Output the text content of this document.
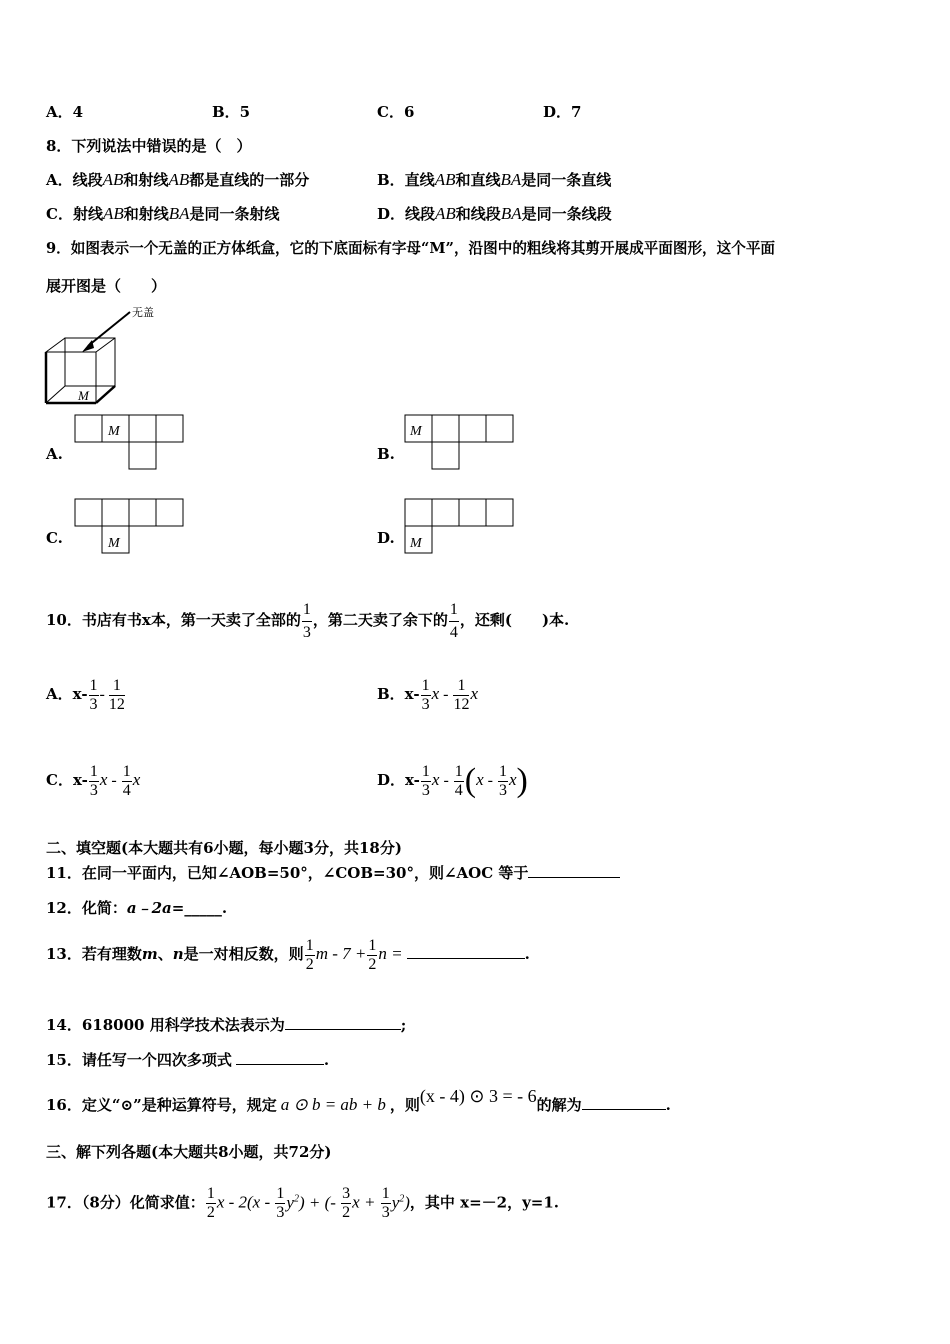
A．4	B．5	C．6	D．7
8．下列说法中错误的是（　）
A．线段AB和射线AB都是直线的一部分	B．直线AB和直线BA是同一条直线
C．射线AB和射线BA是同一条射线	D．线段AB和线段BA是同一条线段
9．如图表示一个无盖的正方体纸盒，它的下底面标有字母“M”，沿图中的粗线将其剪开展成平面图形，这个平面
展开图是（　　）
无盖
M
A.
M
B.
M
C.	M	D. M
10．书店有书x本，第一天卖了全部的 $\frac{1}{3}$ ，第二天卖了余下的 $\frac{1}{4}$ ，还剩(　　)本.
A．$x- \frac{1}{3} - \frac{1}{12}$	B．$x- \frac{1}{3}$ x - $\frac{1}{12}$ x
C．$x- \frac{1}{3}$ x - $\frac{1}{4}$ x	D．$x- \frac{1}{3}$ x - $\frac{1}{4} (x - \frac{1}{3} x)$
二、填空题(本大题共有6小题，每小题3分，共18分)
11．在同一平面内，已知∠AOB=50°，∠COB=30°，则∠AOC 等于
12．化简：a﹣2a=_____.
13．若有理数m、n是一对相反数，则 $\frac{1}{2}$ $m - 7 + \frac{1}{2}$ n =	.
14．618000 用科学技术法表示为	;
15．请任写一个四次多项式	.
16．定义“⊙”是种运算符号，规定 a ⊙ b = ab + b ，则(x - 4) ⊙ 3 = - 6的解为	.
三、解下列各题(本大题共8小题，共72分)
17．（8分）化简求值： $\frac{1}{2}$ x - $2(x - \frac{1}{3} y^2)$ + (- $\frac{3}{2}$ $x + \frac{1}{3} y^2$)，其中 x=－2，y=1.
